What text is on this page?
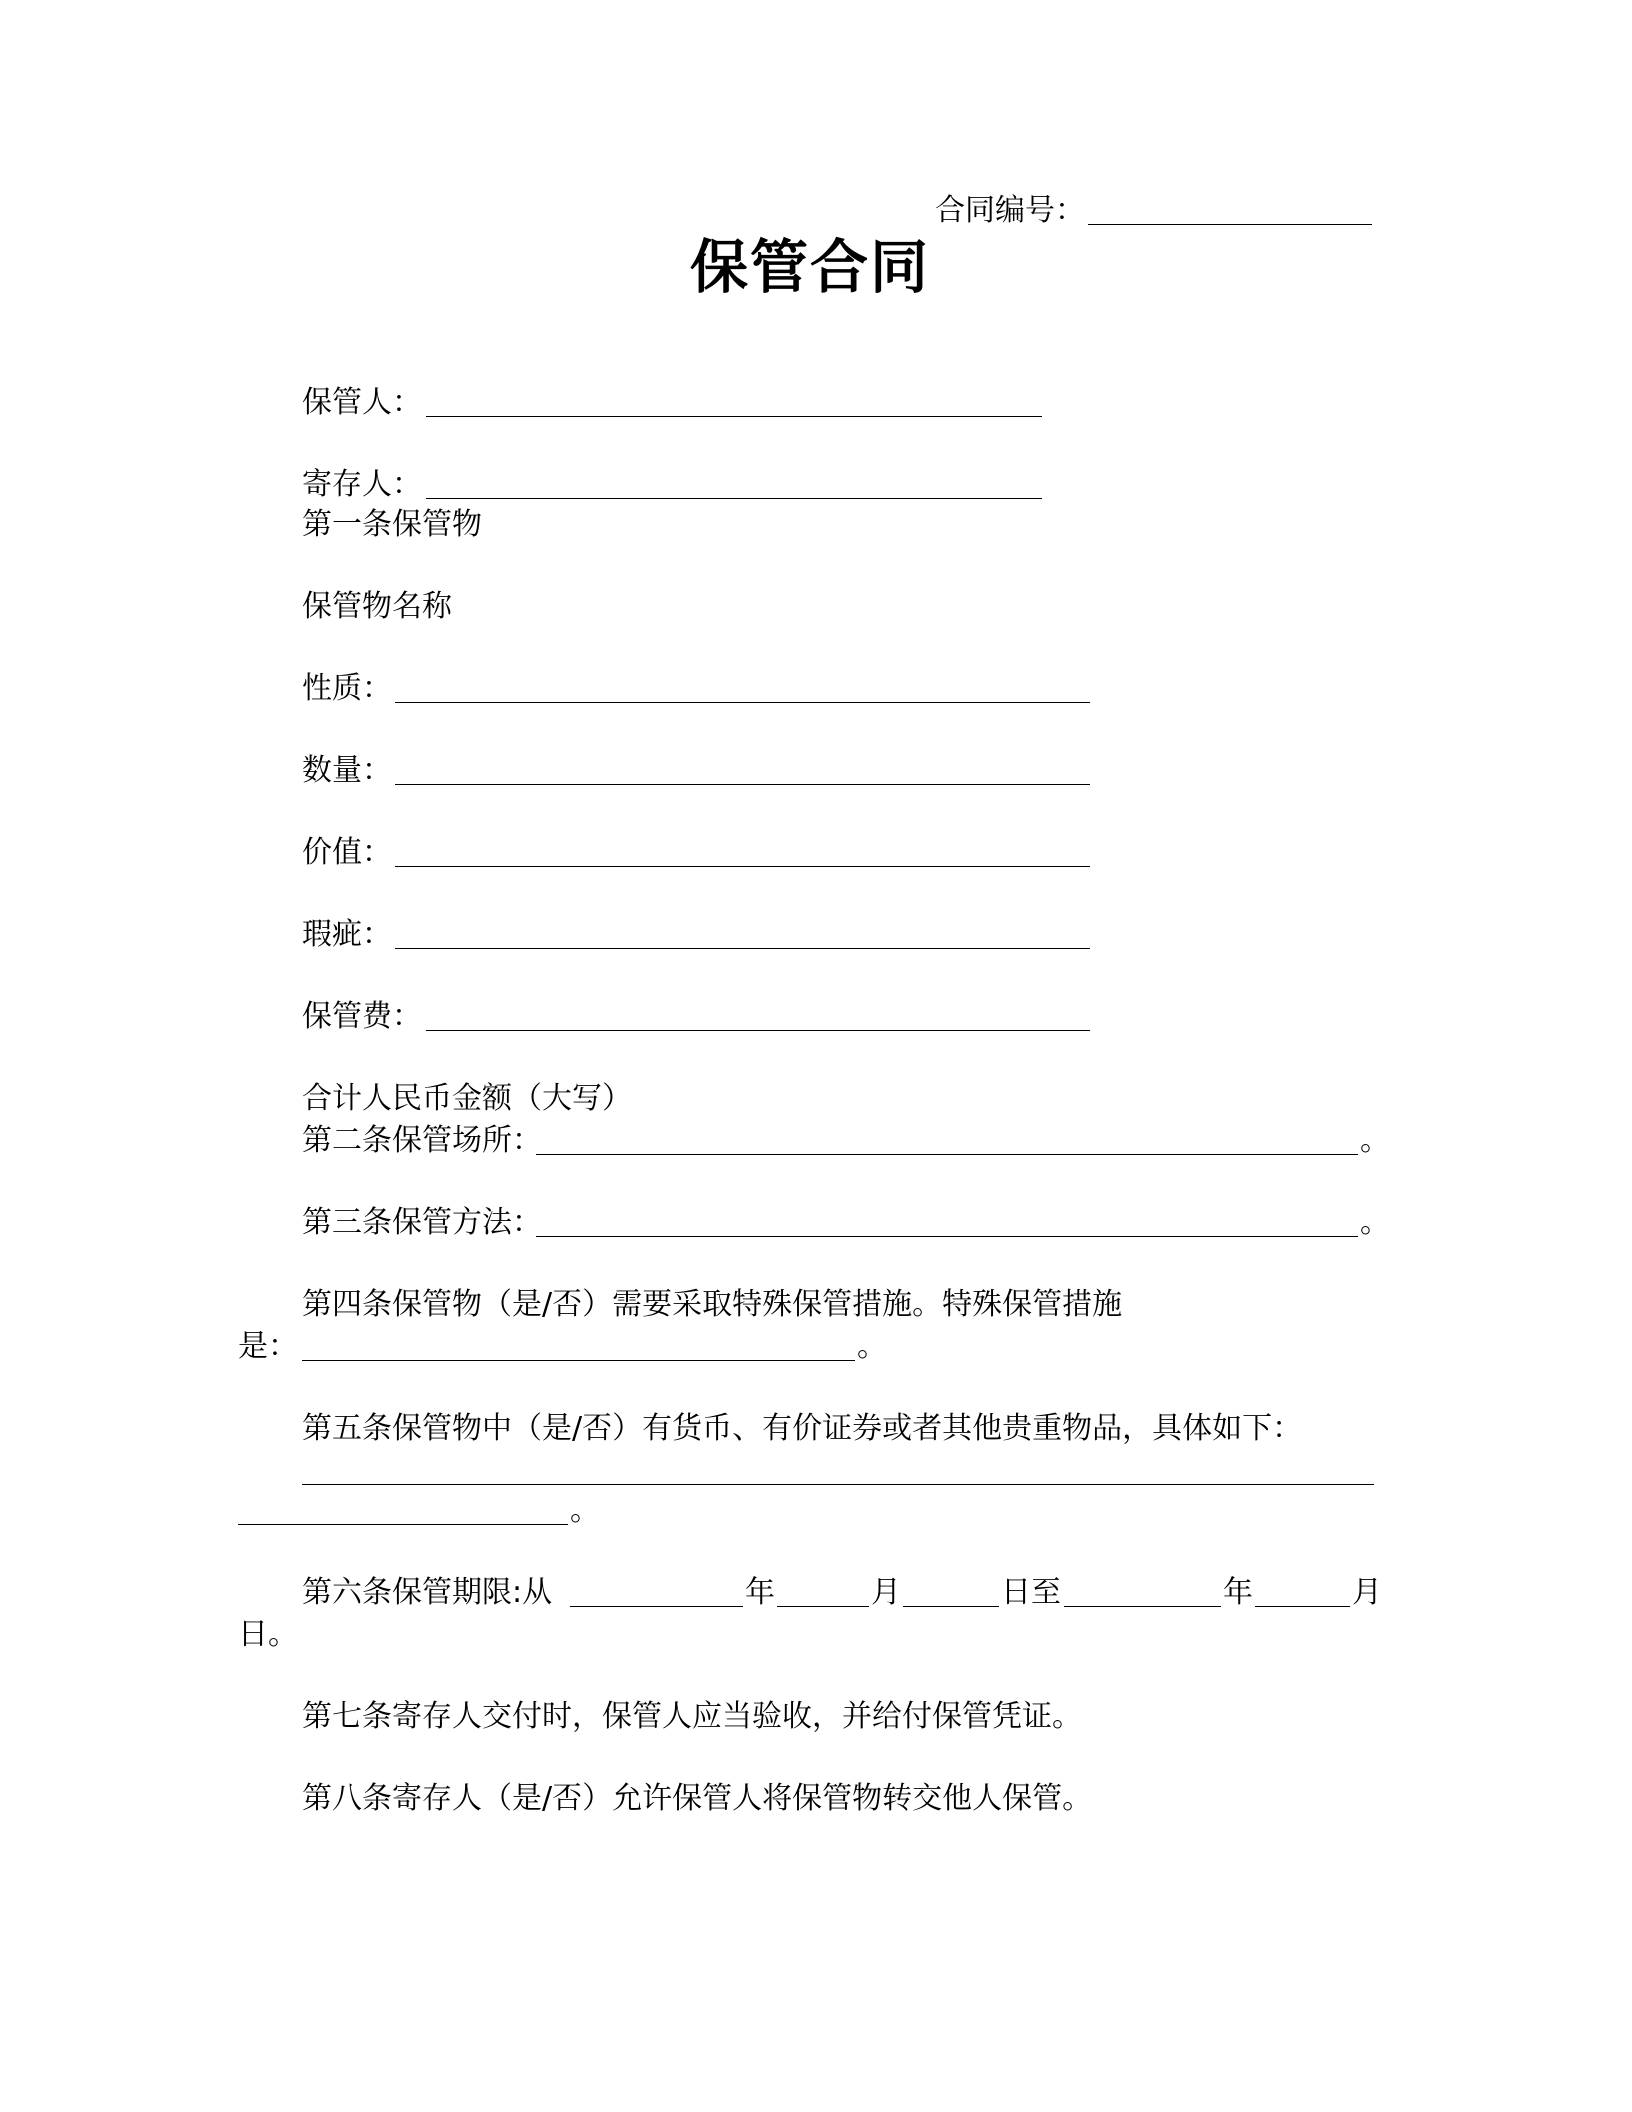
合同编号：
保管合同
保管人：
寄存人：
第一条保管物
保管物名称
性质：
数量：
价值：
瑕疵：
保管费：
合计人民币金额（大写）
第二条保管场所：	。
第三条保管方法：	。
第四条保管物（是/否）需要采取特殊保管措施。特殊保管措施
是：	。
第五条保管物中（是/否）有货币、有价证券或者其他贵重物品，具体如下：
。
第六条保管期限:从	年	月	日至	年	月
日。
第七条寄存人交付时，保管人应当验收，并给付保管凭证。
第八条寄存人（是/否）允许保管人将保管物转交他人保管。
